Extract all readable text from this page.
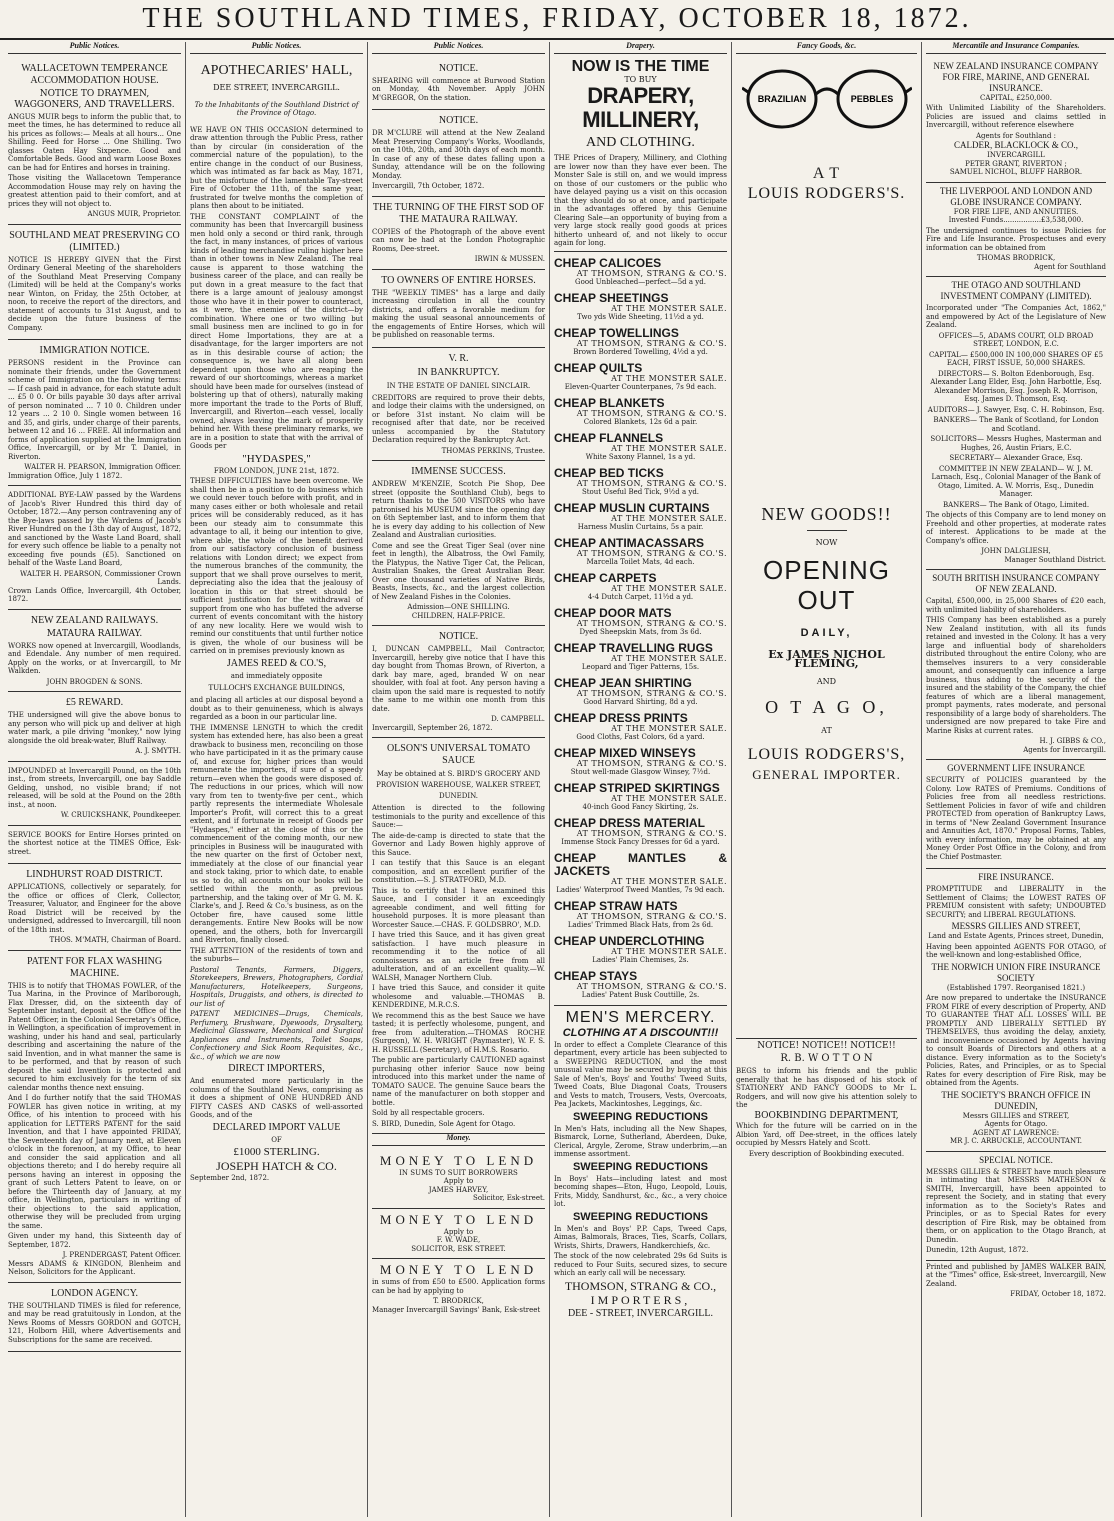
THE SOUTHLAND TIMES, FRIDAY, OCTOBER 18, 1872.
Public Notices.
WALLACETOWN TEMPERANCE ACCOMMODATION HOUSE.
NOTICE TO DRAYMEN, WAGGONERS, AND TRAVELLERS.

ANGUS MUIR begs to inform the public that, to meet the times, he has determined to reduce all his prices as follows:— Meals at all hours... One Shilling. Feed for Horse ... One Shilling. Two glasses Oaten Hay Sixpence. Good and Comfortable Beds. Good and warm Loose Boxes can be had for Entires and horses in training.

Those visiting the Wallacetown Temperance Accommodation House may rely on having the greatest attention paid to their comfort, and at prices they will not object to.

ANGUS MUIR, Proprietor.
SOUTHLAND MEAT PRESERVING CO (LIMITED.)

NOTICE IS HEREBY GIVEN that the First Ordinary General Meeting of the shareholders of the Southland Meat Preserving Company (Limited) will be held at the Company's works near Winton, on Friday, the 25th October, at noon, to receive the report of the directors, and statement of accounts to 31st August, and to decide upon the future business of the Company.

IMMIGRATION NOTICE.

PERSONS resident in the Province can nominate their friends, under the Government scheme of Immigration on the following terms:— If cash paid in advance, for each statute adult ... £5 0 0. Or bills payable 30 days after arrival of person nominated ... 7 10 0. Children under 12 years ... 2 10 0. Single women between 16 and 35, and girls, under charge of their parents, between 12 and 16 ... FREE. All information and forms of application supplied at the Immigration Office, Invercargill, or by Mr T. Daniel, in Riverton.

WALTER H. PEARSON, Immigration Officer.
Immigration Office, July 1 1872.

ADDITIONAL BYE-LAW passed by the Wardens of Jacob's River Hundred this third day of October, 1872.—Any person contravening any of the Bye-laws passed by the Wardens of Jacob's River Hundred on the 13th day of August, 1872, and sanctioned by the Waste Land Board, shall for every such offence be liable to a penalty not exceeding five pounds (£5). Sanctioned on behalf of the Waste Land Board,

WALTER H. PEARSON, Commissioner Crown Lands.
Crown Lands Office, Invercargill, 4th October, 1872.
NEW ZEALAND RAILWAYS.
MATAURA RAILWAY.

WORKS now opened at Invercargill, Woodlands, and Edendale. Any number of men required. Apply on the works, or at Invercargill, to Mr Walkden.

JOHN BROGDEN & SONS.
£5 REWARD.

THE undersigned will give the above bonus to any person who will pick up and deliver at high water mark, a pile driving "monkey," now lying alongside the old break-water, Bluff Railway.

A. J. SMYTH.

IMPOUNDED at Invercargill Pound, on the 10th inst., from streets, Invercargill, one bay Saddle Gelding, unshod, no visible brand; if not released, will be sold at the Pound on the 28th inst., at noon.

W. CRUICKSHANK, Poundkeeper.

SERVICE BOOKS for Entire Horses printed on the shortest notice at the TIMES Office, Esk-street.

LINDHURST ROAD DISTRICT.

APPLICATIONS, collectively or separately, for the office or offices of Clerk, Collector, Treasurer, Valuator, and Engineer for the above Road District will be received by the undersigned, addressed to Invercargill, till noon of the 18th inst.

THOS. M'MATH, Chairman of Board.
PATENT FOR FLAX WASHING MACHINE.

THIS is to notify that THOMAS FOWLER, of the Tua Marina, in the Province of Marlborough, Flax Dresser, did, on the sixteenth day of September instant, deposit at the Office of the Patent Officer, in the Colonial Secretary's Office, in Wellington, a specification of improvement in washing, under his hand and seal, particularly describing and ascertaining the nature of the said Invention, and in what manner the same is to be performed, and that by reason of such deposit the said Invention is protected and secured to him exclusively for the term of six calendar months thence next ensuing.

And I do further notify that the said THOMAS FOWLER has given notice in writing, at my Office, of his intention to proceed with his application for LETTERS PATENT for the said Invention, and that I have appointed FRIDAY, the Seventeenth day of January next, at Eleven o'clock in the forenoon, at my Office, to hear and consider the said application and all objections thereto; and I do hereby require all persons having an interest in opposing the grant of such Letters Patent to leave, on or before the Thirteenth day of January, at my office, in Wellington, particulars in writing of their objections to the said application, otherwise they will be precluded from urging the same.

Given under my hand, this Sixteenth day of September, 1872.

J. PRENDERGAST, Patent Officer.
Messrs ADAMS & KINGDON, Blenheim and Nelson, Solicitors for the Applicant.
LONDON AGENCY.

THE SOUTHLAND TIMES is filed for reference, and may be read gratuitously in London, at the News Rooms of Messrs GORDON and GOTCH, 121, Holborn Hill, where Advertisements and Subscriptions for the same are received.

Public Notices.
APOTHECARIES' HALL,
DEE STREET, INVERCARGILL.

To the Inhabitants of the Southland District of the Province of Otago.

WE HAVE ON THIS OCCASION determined to draw attention through the Public Press, rather than by circular (in consideration of the commercial nature of the population), to the entire change in the conduct of our Business, which was intimated as far back as May, 1871, but the misfortune of the lamentable Tay-street Fire of October the 11th, of the same year, frustrated for twelve months the completion of plans then about to be initiated.

THE CONSTANT COMPLAINT of the community has been that Invercargill business men hold only a second or third rank, through the fact, in many instances, of prices of various kinds of leading merchandise ruling higher here than in other towns in New Zealand. The real cause is apparent to those watching the business career of the place, and can really be put down in a great measure to the fact that there is a large amount of jealousy amongst those who have it in their power to counteract, as it were, the enemies of the district—by combination. Where one or two willing but small business men are inclined to go in for direct Home Importations, they are at a disadvantage, for the larger importers are not as in this desirable course of action; the consequence is, we have all along been dependent upon those who are reaping the reward of our shortcomings, whereas a market should have been made for ourselves (instead of bolstering up that of others), naturally making more important the trade to the Ports of Bluff, Invercargill, and Riverton—each vessel, locally owned, always leaving the mark of prosperity behind her. With these preliminary remarks, we are in a position to state that with the arrival of Goods per

"HYDASPES,"
FROM LONDON, JUNE 21st, 1872.

THESE DIFFICULTIES have been overcome. We shall then be in a position to do business which we could never touch before with profit, and in many cases either or both wholesale and retail prices will be considerably reduced, as it has been our steady aim to consummate this advantage to all, it being our intention to give, where able, the whole of the benefit derived from our satisfactory conclusion of business relations with London direct; we expect from the numerous branches of the community, the support that we shall prove ourselves to merit, depreciating also the idea that the jealousy of location in this or that street should be sufficient justification for the withdrawal of support from one who has buffeted the adverse current of events concomitant with the history of any new locality. Here we would wish to remind our constituents that until further notice is given, the whole of our business will be carried on in premises previously known as

JAMES REED & CO.'S,
and immediately opposite
TULLOCH'S EXCHANGE BUILDINGS,

and placing all articles at our disposal beyond a doubt as to their genuineness, which is always regarded as a boon in our particular line.

THE IMMENSE LENGTH to which the credit system has extended here, has also been a great drawback to business men, reconciling on those who have participated in it as the primary cause of, and excuse for, higher prices than would remunerate the importers, if sure of a speedy return—even when the goods were disposed of. The reductions in our prices, which will now vary from ten to twenty-five per cent., which partly represents the intermediate Wholesale Importer's Profit, will correct this to a great extent, and if fortunate in receipt of Goods per "Hydaspes," either at the close of this or the commencement of the coming month, our new principles in Business will be inaugurated with the new quarter on the first of October next, immediately at the close of our financial year and stock taking, prior to which date, to enable us so to do, all accounts on our books will be settled within the month, as previous partnership, and the taking over of Mr G. M. K. Clarke's, and J. Reed & Co.'s business, as on the October fire, have caused some little derangements. Entire New Books will be now opened, and the others, both for Invercargill and Riverton, finally closed.

THE ATTENTION of the residents of town and the suburbs—

Pastoral Tenants, Farmers, Diggers, Storekeepers, Brewers, Photographers, Cordial Manufacturers, Hotelkeepers, Surgeons, Hospitals, Druggists, and others, is directed to our list of

PATENT MEDICINES—Drugs, Chemicals, Perfumery, Brushware, Dyewoods, Drysaltery, Medicinal Glassware, Mechanical and Surgical Appliances and Instruments, Toilet Soaps, Confectionery and Sick Room Requisites, &c., &c., of which we are now

DIRECT IMPORTERS,

And enumerated more particularly in the columns of the Southland News, comprising as it does a shipment of ONE HUNDRED AND FIFTY CASES AND CASKS of well-assorted Goods, and of the

DECLARED IMPORT VALUE
OF
£1000 STERLING.
JOSEPH HATCH & CO.
September 2nd, 1872.
Public Notices.
NOTICE.

SHEARING will commence at Burwood Station on Monday, 4th November. Apply JOHN M'GREGOR, On the station.

NOTICE.

DR M'CLURE will attend at the New Zealand Meat Preserving Company's Works, Woodlands, on the 10th, 20th, and 30th days of each month. In case of any of these dates falling upon a Sunday, attendance will be on the following Monday.

Invercargill, 7th October, 1872.
THE TURNING OF THE FIRST SOD OF THE MATAURA RAILWAY.

COPIES of the Photograph of the above event can now be had at the London Photographic Rooms, Dee-street.

IRWIN & MUSSEN.
TO OWNERS OF ENTIRE HORSES.

THE "WEEKLY TIMES" has a large and daily increasing circulation in all the country districts, and offers a favorable medium for making the usual seasonal announcements of the engagements of Entire Horses, which will be published on reasonable terms.

V. R.
IN BANKRUPTCY.
IN THE ESTATE OF DANIEL SINCLAIR.

CREDITORS are required to prove their debts, and lodge their claims with the undersigned, on or before 31st instant. No claim will be recognised after that date, nor be received unless accompanied by the Statutory Declaration required by the Bankruptcy Act.

THOMAS PERKINS, Trustee.
IMMENSE SUCCESS.

ANDREW M'KENZIE, Scotch Pie Shop, Dee street (opposite the Southland Club), begs to return thanks to the 500 VISITORS who have patronised his MUSEUM since the opening day on 6th September last, and to inform them that he is every day adding to his collection of New Zealand and Australian curiosities.

Come and see the Great Tiger Seal (over nine feet in length), the Albatross, the Owl Family, the Platypus, the Native Tiger Cat, the Pelican, Australian Snakes, the Great Australian Bear. Over one thousand varieties of Native Birds, Beasts, Insects, &c., and the largest collection of New Zealand Fishes in the Colonies.

Admission—ONE SHILLING.
CHILDREN, HALF-PRICE.
NOTICE.

I, DUNCAN CAMPBELL, Mail Contractor, Invercargill, hereby give notice that I have this day bought from Thomas Brown, of Riverton, a dark bay mare, aged, branded W on near shoulder, with foal at foot. Any person having a claim upon the said mare is requested to notify the same to me within one month from this date.

D. CAMPBELL.
Invercargill, September 26, 1872.
OLSON'S UNIVERSAL TOMATO SAUCE
May be obtained at S. BIRD'S GROCERY AND PROVISION WAREHOUSE, WALKER STREET, DUNEDIN.

Attention is directed to the following testimonials to the purity and excellence of this Sauce:—

The aide-de-camp is directed to state that the Governor and Lady Bowen highly approve of this Sauce.

I can testify that this Sauce is an elegant composition, and an excellent purifier of the constitution.—S. J. STRATFORD, M.D.

This is to certify that I have examined this Sauce, and I consider it an exceedingly agreeable condiment, and well fitting for household purposes. It is more pleasant than Worcester Sauce.—CHAS. F. GOLDSBRO', M.D.

I have tried this Sauce, and it has given great satisfaction. I have much pleasure in recommending it to the notice of all connoisseurs as an article free from all adulteration, and of an excellent quality.—W. WALSH, Manager Northern Club.

I have tried this Sauce, and consider it quite wholesome and valuable.—THOMAS B. KENDERDINE, M.R.C.S.

We recommend this as the best Sauce we have tasted; it is perfectly wholesome, pungent, and free from adulteration.—THOMAS ROCHE (Surgeon), W. H. WRIGHT (Paymaster), W. F. S. H. RUSSELL (Secretary), of H.M.S. Rosario.

The public are particularly CAUTIONED against purchasing other inferior Sauce now being introduced into this market under the name of TOMATO SAUCE. The genuine Sauce bears the name of the manufacturer on both stopper and bottle.

Sold by all respectable grocers.

S. BIRD, Dunedin, Sole Agent for Otago.
Money.
MONEY TO LEND
IN SUMS TO SUIT BORROWERS
Apply to
JAMES HARVEY,
Solicitor, Esk-street.
MONEY TO LEND
Apply to
F. W. WADE,
SOLICITOR, ESK STREET.
MONEY TO LEND

in sums of from £50 to £500. Application forms can be had by applying to

T. BRODRICK,
Manager Invercargill Savings' Bank, Esk-street
Drapery.
NOW IS THE TIME
TO BUY
DRAPERY, MILLINERY,
AND CLOTHING.

THE Prices of Drapery, Millinery, and Clothing are lower now than they have ever been. The Monster Sale is still on, and we would impress on those of our customers or the public who have delayed paying us a visit on this occasion that they should do so at once, and participate in the advantages offered by this Genuine Clearing Sale—an opportunity of buying from a very large stock really good goods at prices hitherto unheard of, and not likely to occur again for long.

CHEAP CALICOES
AT THOMSON, STRANG & CO.'S.
Good Unbleached—perfect—5d a yd.
CHEAP SHEETINGS
AT THE MONSTER SALE.
Two yds Wide Sheeting, 11½d a yd.
CHEAP TOWELLINGS
AT THOMSON, STRANG & CO.'S.
Brown Bordered Towelling, 4½d a yd.
CHEAP QUILTS
AT THE MONSTER SALE.
Eleven-Quarter Counterpanes, 7s 9d each.
CHEAP BLANKETS
AT THOMSON, STRANG & CO.'S.
Colored Blankets, 12s 6d a pair.
CHEAP FLANNELS
AT THE MONSTER SALE.
White Saxony Flannel, 1s a yd.
CHEAP BED TICKS
AT THOMSON, STRANG & CO.'S.
Stout Useful Bed Tick, 9½d a yd.
CHEAP MUSLIN CURTAINS
AT THE MONSTER SALE.
Harness Muslin Curtains, 5s a pair.
CHEAP ANTIMACASSARS
AT THOMSON, STRANG & CO.'S.
Marcella Toilet Mats, 4d each.
CHEAP CARPETS
AT THE MONSTER SALE.
4-4 Dutch Carpet, 11½d a yd.
CHEAP DOOR MATS
AT THOMSON, STRANG & CO.'S.
Dyed Sheepskin Mats, from 3s 6d.
CHEAP TRAVELLING RUGS
AT THE MONSTER SALE.
Leopard and Tiger Patterns, 15s.
CHEAP JEAN SHIRTING
AT THOMSON, STRANG & CO.'S.
Good Harvard Shirting, 8d a yd.
CHEAP DRESS PRINTS
AT THE MONSTER SALE.
Good Cloths, Fast Colors, 6d a yard.
CHEAP MIXED WINSEYS
AT THOMSON, STRANG & CO.'S.
Stout well-made Glasgow Winsey, 7½d.
CHEAP STRIPED SKIRTINGS
AT THE MONSTER SALE.
40-inch Good Fancy Skirting, 2s.
CHEAP DRESS MATERIAL
AT THOMSON, STRANG & CO.'S.
Immense Stock Fancy Dresses for 6d a yard.
CHEAP MANTLES & JACKETS
AT THE MONSTER SALE.
Ladies' Waterproof Tweed Mantles, 7s 9d each.
CHEAP STRAW HATS
AT THOMSON, STRANG & CO.'S.
Ladies' Trimmed Black Hats, from 2s 6d.
CHEAP UNDERCLOTHING
AT THE MONSTER SALE.
Ladies' Plain Chemises, 2s.
CHEAP STAYS
AT THOMSON, STRANG & CO.'S.
Ladies' Patent Busk Couttille, 2s.
MEN'S MERCERY.
CLOTHING AT A DISCOUNT!!!

In order to effect a Complete Clearance of this department, every article has been subjected to a SWEEPING REDUCTION, and the most unusual value may be secured by buying at this Sale of Men's, Boys' and Youths' Tweed Suits, Tweed Coats, Blue Diagonal Coats, Trousers and Vests to match, Trousers, Vests, Overcoats, Pea Jackets, Mackintoshes, Leggings, &c.

SWEEPING REDUCTIONS

In Men's Hats, including all the New Shapes, Bismarck, Lorne, Sutherland, Aberdeen, Duke, Clerical, Argyle, Zerome, Straw underbrim,—an immense assortment.

SWEEPING REDUCTIONS

In Boys' Hats—including latest and most becoming shapes—Eton, Hugo, Leopold, Louis, Frits, Middy, Sandhurst, &c., &c., a very choice lot.

SWEEPING REDUCTIONS

In Men's and Boys' P.P. Caps, Tweed Caps, Aimas, Balmorals, Braces, Ties, Scarfs, Collars, Wrists, Shirts, Drawers, Handkerchiefs, &c.

The stock of the now celebrated 29s 6d Suits is reduced to Four Suits, secured sizes, to secure which an early call will be necessary.

THOMSON, STRANG & CO.,
IMPORTERS,
DEE - STREET, INVERCARGILL.
Fancy Goods, &c.
BRAZILIAN	PEBBLES
A T
LOUIS RODGERS'S.
NEW GOODS!!
NOW
OPENING OUT
DAILY,
Ex JAMES NICHOL FLEMING,
AND
O T A G O,
AT
LOUIS RODGERS'S,
GENERAL IMPORTER.
NOTICE! NOTICE!! NOTICE!!
R. B. W O T T O N

BEGS to inform his friends and the public generally that he has disposed of his stock of STATIONERY AND FANCY GOODS to Mr L. Rodgers, and will now give his attention solely to the

BOOKBINDING DEPARTMENT,

Which for the future will be carried on in the Albion Yard, off Dee-street, in the offices lately occupied by Messrs Hately and Scott.

Every description of Bookbinding executed.

Mercantile and Insurance Companies.
NEW ZEALAND INSURANCE COMPANY FOR FIRE, MARINE, AND GENERAL INSURANCE.
CAPITAL, £250,000.

With Unlimited Liability of the Shareholders. Policies are issued and claims settled in Invercargill, without reference elsewhere

Agents for Southland :
CALDER, BLACKLOCK & CO.,
INVERCARGILL
PETER GRANT, RIVERTON ;
SAMUEL NICHOL, BLUFF HARBOR.
THE LIVERPOOL AND LONDON AND GLOBE INSURANCE COMPANY.
FOR FIRE LIFE, AND ANNUITIES.
Invested Funds.................£3,538,000.

The undersigned continues to issue Policies for Fire and Life Insurance. Prospectuses and every information can be obtained from

THOMAS BRODRICK,
Agent for Southland
THE OTAGO AND SOUTHLAND INVESTMENT COMPANY (LIMITED).

Incorporated under "The Companies Act, 1862," and empowered by Act of the Legislature of New Zealand.

OFFICES—5, ADAMS COURT, OLD BROAD STREET, LONDON, E.C.

CAPITAL— £500,000 IN 100,000 SHARES OF £5 EACH, FIRST ISSUE, 50,000 SHARES.

DIRECTORS— S. Bolton Edenborough, Esq. Alexander Lang Elder, Esq. John Harbottle, Esq. Alexander Morrison, Esq. Joseph R. Morrison, Esq. James D. Thomson, Esq.

AUDITORS— J. Sawyer, Esq. C. H. Robinson, Esq.

BANKERS— The Bank of Scotland, for London and Scotland.

SOLICITORS— Messrs Hughes, Masterman and Hughes, 26, Austin Friars, E.C.

SECRETARY— Alexander Grace, Esq.

COMMITTEE IN NEW ZEALAND— W. J. M. Larnach, Esq., Colonial Manager of the Bank of Otago, Limited. A. W. Morris, Esq., Dunedin Manager.

BANKERS— The Bank of Otago, Limited.

The objects of this Company are to lend money on Freehold and other properties, at moderate rates of interest. Applications to be made at the Company's office.

JOHN DALGLIESH,
Manager Southland District.
SOUTH BRITISH INSURANCE COMPANY OF NEW ZEALAND.

Capital, £500,000, in 25,000 Shares of £20 each, with unlimited liability of shareholders.

THIS Company has been established as a purely New Zealand institution, with all its funds retained and invested in the Colony. It has a very large and influential body of shareholders distributed throughout the entire Colony, who are themselves insurers to a very considerable amount, and consequently can influence a large business, thus adding to the security of the insured and the stability of the Company, the chief features of which are a liberal management, prompt payments, rates moderate, and personal responsibility of a large body of shareholders. The undersigned are now prepared to take Fire and Marine Risks at current rates.

H. J. GIBBS & CO.,
Agents for Invercargill.
GOVERNMENT LIFE INSURANCE

SECURITY of POLICIES guaranteed by the Colony. Low RATES of Premiums. Conditions of Policies free from all needless restrictions. Settlement Policies in favor of wife and children PROTECTED from operation of Bankruptcy Laws, in terms of "New Zealand Government Insurance and Annuities Act, 1870." Proposal Forms, Tables, with every information, may be obtained at any Money Order Post Office in the Colony, and from the Chief Postmaster.

FIRE INSURANCE.

PROMPTITUDE and LIBERALITY in the Settlement of Claims; the LOWEST RATES OF PREMIUM consistent with safety; UNDOUBTED SECURITY; and LIBERAL REGULATIONS.

MESSRS GILLIES AND STREET,
Land and Estate Agents, Princes street, Dunedin,

Having been appointed AGENTS FOR OTAGO, of the well-known and long-established Office,

THE NORWICH UNION FIRE INSURANCE SOCIETY
(Established 1797. Reorganised 1821.)

Are now prepared to undertake the INSURANCE FROM FIRE of every description of Property, AND TO GUARANTEE THAT ALL LOSSES WILL BE PROMPTLY AND LIBERALLY SETTLED BY THEMSELVES, thus avoiding the delay, anxiety, and inconvenience occasioned by Agents having to consult Boards of Directors and others at a distance. Every information as to the Society's Policies, Rates, and Principles, or as to Special Rates for every description of Fire Risk, may be obtained from the Agents.

THE SOCIETY'S BRANCH OFFICE IN DUNEDIN,
Messrs GILLIES and STREET,
Agents for Otago.
AGENT AT LAWRENCE:
MR J. C. ARBUCKLE, ACCOUNTANT.
SPECIAL NOTICE.

MESSRS GILLIES & STREET have much pleasure in intimating that MESSRS MATHESON & SMITH, Invercargill, have been appointed to represent the Society, and in stating that every information as to the Society's Rates and Principles, or as to Special Rates for every description of Fire Risk, may be obtained from them, or on application to the Otago Branch, at Dunedin.

Dunedin, 12th August, 1872.

Printed and published by JAMES WALKER BAIN, at the "Times" office, Esk-street, Invercargill, New Zealand.

FRIDAY, October 18, 1872.
